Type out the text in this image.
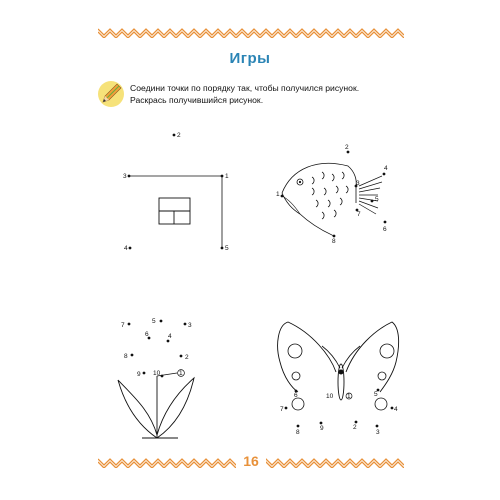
Игры
Соедини точки по порядку так, чтобы получился рисунок. Раскрась получившийся рисунок.
2
3	1
4	5
1
2
3
4
5
6
7
8
7
5
3
6	4
8	2
9 10	1
7	4
6	5
8
9	2
3
10 1
16
